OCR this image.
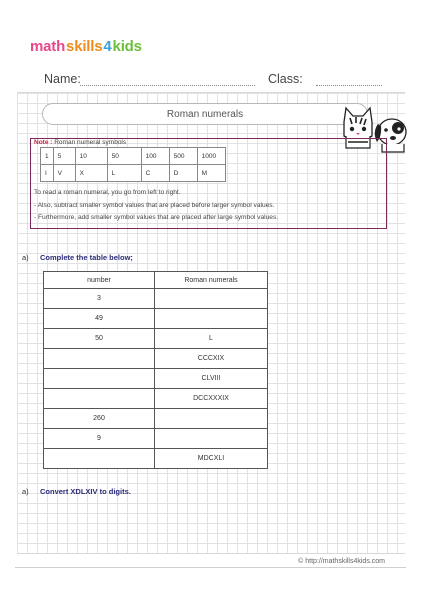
math skills 4 kids
Name:	Class:
Roman numerals
Note : Roman numeral symbols
1	5	10	50	100	500	1000
I	V	X	L	C	D	M
To read a roman numeral, you go from left to right.
- Also, subtract smaller symbol values that are placed before larger symbol values.
- Furthermore, add smaller symbol values that are placed after large symbol values.
a) Complete the table below;
number	Roman numerals
3	
49	
50	L
	CCCXIX
	CLVIII
	DCCXXXIX
260	
9	
	MDCXLI
a) Convert XDLXIV to digits.
© http://mathskills4kids.com
